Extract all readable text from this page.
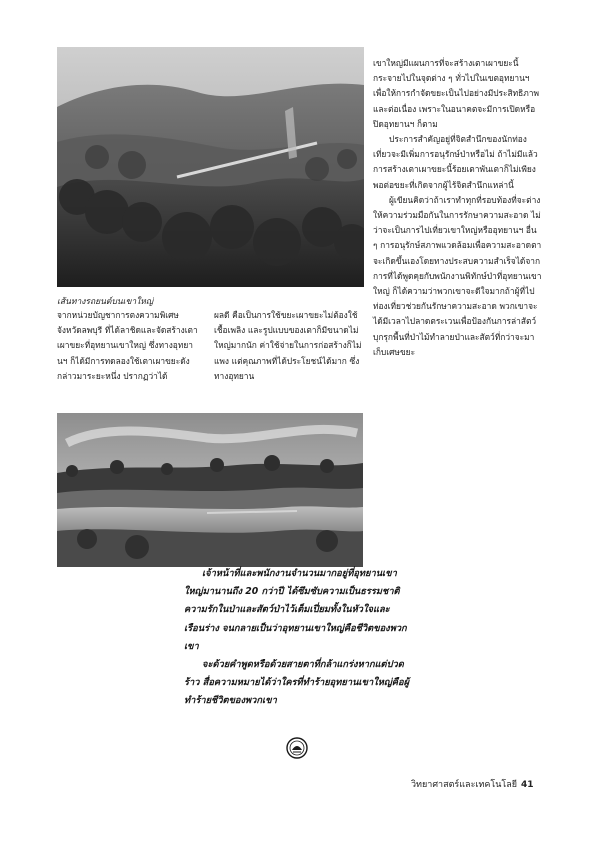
เส้นทางรถยนต์บนเขาใหญ่

เขาใหญ่มีแผนการที่จะสร้างเตาเผาขยะนี้กระจายไปในจุดต่าง ๆ ทั่วไปในเขตอุทยานฯ เพื่อให้การกำจัดขยะเป็นไปอย่างมีประสิทธิภาพและต่อเนื่อง เพราะในอนาคตจะมีการเปิดหรือปิดอุทยานฯ ก็ตาม

ประการสำคัญอยู่ที่จิตสำนึกของนักท่องเที่ยวจะมีเพิ่มการอนุรักษ์ป่าหรือไม่ ถ้าไม่มีแล้ว การสร้างเตาเผาขยะนี้ร้อยเตาพันเตาก็ไม่เพียงพอต่อขยะที่เกิดจากผู้ไร้จิตสำนึกแหล่านี้

ผู้เขียนคิดว่าถ้าเราทำทุกที่รอบท้องที่จะต่างให้ความร่วมมือกันในการรักษาความสะอาด ไม่ว่าจะเป็นการไปเที่ยวเขาใหญ่หรืออุทยานฯ อื่น ๆ การอนุรักษ์สภาพแวดล้อมเพื่อความสะอาดตาจะเกิดขึ้นเองโดยทางประสบความสำเร็จได้จากการที่ได้พูดคุยกับพนักงานพิทักษ์ป่าที่อุทยานเขาใหญ่ ก็ได้ความว่าพวกเขาจะดีใจมากถ้าผู้ที่ไปท่องเที่ยวช่วยกันรักษาความสะอาด พวกเขาจะได้มีเวลาไปลาดตระเวนเพื่อป้องกันการล่าสัตว์ บุกรุกพื้นที่ป่าไม้ทำลายป่าและสัตว์ที่กว่าจะมาเก็บเศษขยะ

จากหน่วยบัญชาการตงความพิเศษจังหวัดลพบุรี ที่ได้ลาชิดและจัดสร้างเตาเผาขยะที่อุทยานเขาใหญ่ ซึ่งทางอุทยานฯ ก็ได้มีการทดลองใช้เตาเผาขยะดังกล่าวมาระยะหนึ่ง ปรากฏว่าได้

ผลดี คือเป็นการใช้ขยะเผาขยะไม่ต้องใช้เชื้อเพลิง และรูปแบบของเตาก็มีขนาดไม่ใหญ่มากนัก ค่าใช้จ่ายในการก่อสร้างก็ไม่แพง แต่คุณภาพที่ได้ประโยชน์ได้มาก ซึ่งทางอุทยาน

เจ้าหน้าที่และพนักงานจำนวนมากอยู่ที่อุทยานเขาใหญ่มานานถึง 20 กว่าปี ได้ซึมซับความเป็นธรรมชาติ ความรักในป่าและสัตว์ป่าไว้เต็มเปี่ยมทั้งในหัวใจและเรือนร่าง จนกลายเป็นว่าอุทยานเขาใหญ่คือชีวิตของพวกเขา

จะด้วยคำพูดหรือด้วยสายตาที่กล้าแกร่งหากแต่ปวดร้าว สื่อความหมายได้ว่าใครที่ทำร้ายอุทยานเขาใหญ่คือผู้ทำร้ายชีวิตของพวกเขา

วิทยาศาสตร์และเทคโนโลยี 41
